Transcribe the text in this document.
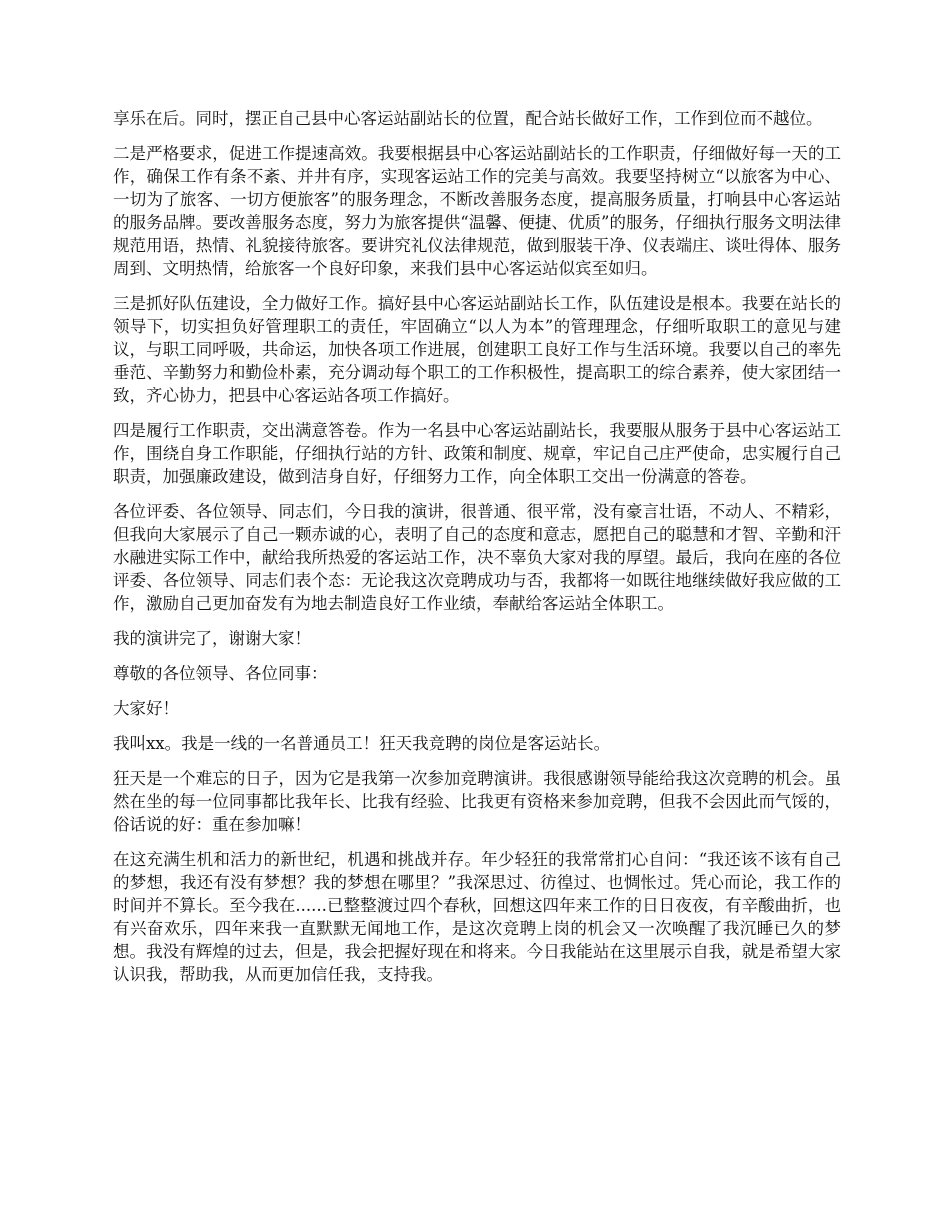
享乐在后。同时，摆正自己县中心客运站副站长的位置，配合站长做好工作，工作到位而不越位。

二是严格要求，促进工作提速高效。我要根据县中心客运站副站长的工作职责，仔细做好每一天的工作，确保工作有条不紊、并井有序，实现客运站工作的完美与高效。我要坚持树立“以旅客为中心、一切为了旅客、一切方便旅客”的服务理念，不断改善服务态度，提高服务质量，打响县中心客运站的服务品牌。要改善服务态度，努力为旅客提供“温馨、便捷、优质”的服务，仔细执行服务文明法律规范用语，热情、礼貌接待旅客。要讲究礼仪法律规范，做到服装干净、仪表端庄、谈吐得体、服务周到、文明热情，给旅客一个良好印象，来我们县中心客运站似宾至如归。

三是抓好队伍建设，全力做好工作。搞好县中心客运站副站长工作，队伍建设是根本。我要在站长的领导下，切实担负好管理职工的责任，牢固确立“以人为本”的管理理念，仔细听取职工的意见与建议，与职工同呼吸，共命运，加快各项工作进展，创建职工良好工作与生活环境。我要以自己的率先垂范、辛勤努力和勤俭朴素，充分调动每个职工的工作积极性，提高职工的综合素养，使大家团结一致，齐心协力，把县中心客运站各项工作搞好。

四是履行工作职责，交出满意答卷。作为一名县中心客运站副站长，我要服从服务于县中心客运站工作，围绕自身工作职能，仔细执行站的方针、政策和制度、规章，牢记自己庄严使命，忠实履行自己职责，加强廉政建设，做到洁身自好，仔细努力工作，向全体职工交出一份满意的答卷。

各位评委、各位领导、同志们，今日我的演讲，很普通、很平常，没有豪言壮语，不动人、不精彩，但我向大家展示了自己一颗赤诚的心，表明了自己的态度和意志，愿把自己的聪慧和才智、辛勤和汗水融进实际工作中，献给我所热爱的客运站工作，决不辜负大家对我的厚望。最后，我向在座的各位评委、各位领导、同志们表个态：无论我这次竞聘成功与否，我都将一如既往地继续做好我应做的工作，激励自己更加奋发有为地去制造良好工作业绩，奉献给客运站全体职工。

我的演讲完了，谢谢大家！

尊敬的各位领导、各位同事：

大家好！

我叫xx。我是一线的一名普通员工！狂天我竞聘的岗位是客运站长。

狂天是一个难忘的日子，因为它是我第一次参加竞聘演讲。我很感谢领导能给我这次竞聘的机会。虽然在坐的每一位同事都比我年长、比我有经验、比我更有资格来参加竞聘，但我不会因此而气馁的，俗话说的好：重在参加嘛！

在这充满生机和活力的新世纪，机遇和挑战并存。年少轻狂的我常常扪心自问：“我还该不该有自己的梦想，我还有没有梦想？我的梦想在哪里？”我深思过、彷徨过、也惆怅过。凭心而论，我工作的时间并不算长。至今我在......已整整渡过四个春秋，回想这四年来工作的日日夜夜，有辛酸曲折，也有兴奋欢乐，四年来我一直默默无闻地工作，是这次竞聘上岗的机会又一次唤醒了我沉睡已久的梦想。我没有辉煌的过去，但是，我会把握好现在和将来。今日我能站在这里展示自我，就是希望大家认识我，帮助我，从而更加信任我，支持我。
